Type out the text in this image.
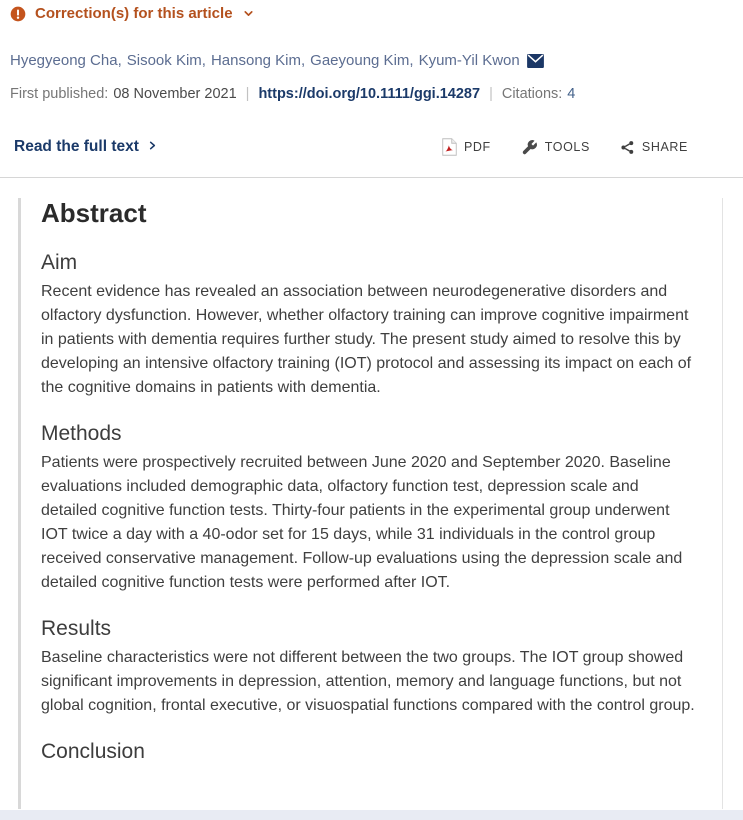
Correction(s) for this article
Hyegyeong Cha , Sisook Kim , Hansong Kim , Gaeyoung Kim , Kyum-Yil Kwon
First published: 08 November 2021 | https://doi.org/10.1111/ggi.14287 | Citations: 4
Read the full text	PDF	TOOLS	SHARE
Abstract
Aim

Recent evidence has revealed an association between neurodegenerative disorders and olfactory dysfunction. However, whether olfactory training can improve cognitive impairment in patients with dementia requires further study. The present study aimed to resolve this by developing an intensive olfactory training (IOT) protocol and assessing its impact on each of the cognitive domains in patients with dementia.

Methods

Patients were prospectively recruited between June 2020 and September 2020. Baseline evaluations included demographic data, olfactory function test, depression scale and detailed cognitive function tests. Thirty-four patients in the experimental group underwent IOT twice a day with a 40-odor set for 15 days, while 31 individuals in the control group received conservative management. Follow-up evaluations using the depression scale and detailed cognitive function tests were performed after IOT.

Results

Baseline characteristics were not different between the two groups. The IOT group showed significant improvements in depression, attention, memory and language functions, but not global cognition, frontal executive, or visuospatial functions compared with the control group.

Conclusion
